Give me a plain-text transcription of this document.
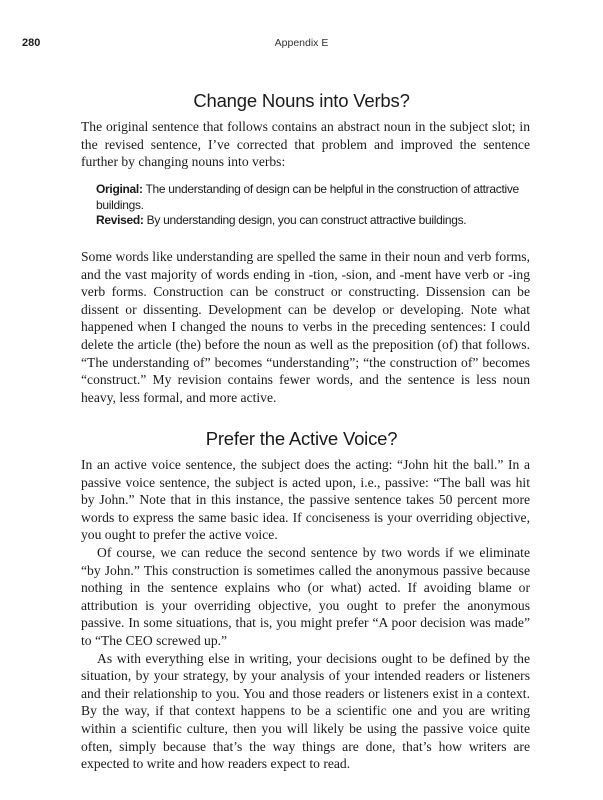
280	Appendix E
Change Nouns into Verbs?

The original sentence that follows contains an abstract noun in the subject slot; in the revised sentence, I’ve corrected that problem and improved the sentence further by changing nouns into verbs:

Original: The understanding of design can be helpful in the construction of attractive buildings.

Revised: By understanding design, you can construct attractive buildings.

Some words like understanding are spelled the same in their noun and verb forms, and the vast majority of words ending in -tion, -sion, and -ment have verb or -ing verb forms. Construction can be construct or constructing. Dissension can be dissent or dissenting. Development can be develop or developing. Note what happened when I changed the nouns to verbs in the preceding sentences: I could delete the article (the) before the noun as well as the preposition (of) that follows. “The understanding of” becomes “understanding”; “the construction of” becomes “construct.” My revision contains fewer words, and the sentence is less noun heavy, less formal, and more active.

Prefer the Active Voice?

In an active voice sentence, the subject does the acting: “John hit the ball.” In a passive voice sentence, the subject is acted upon, i.e., passive: “The ball was hit by John.” Note that in this instance, the passive sentence takes 50 percent more words to express the same basic idea. If conciseness is your overriding objective, you ought to prefer the active voice.

Of course, we can reduce the second sentence by two words if we eliminate “by John.” This construction is sometimes called the anonymous passive because nothing in the sentence explains who (or what) acted. If avoiding blame or attribution is your overriding objective, you ought to prefer the anonymous passive. In some situations, that is, you might prefer “A poor decision was made” to “The CEO screwed up.”

As with everything else in writing, your decisions ought to be defined by the situation, by your strategy, by your analysis of your intended readers or listeners and their relationship to you. You and those readers or listeners exist in a context. By the way, if that context happens to be a scientific one and you are writing within a scientific culture, then you will likely be using the passive voice quite often, simply because that’s the way things are done, that’s how writers are expected to write and how readers expect to read.
